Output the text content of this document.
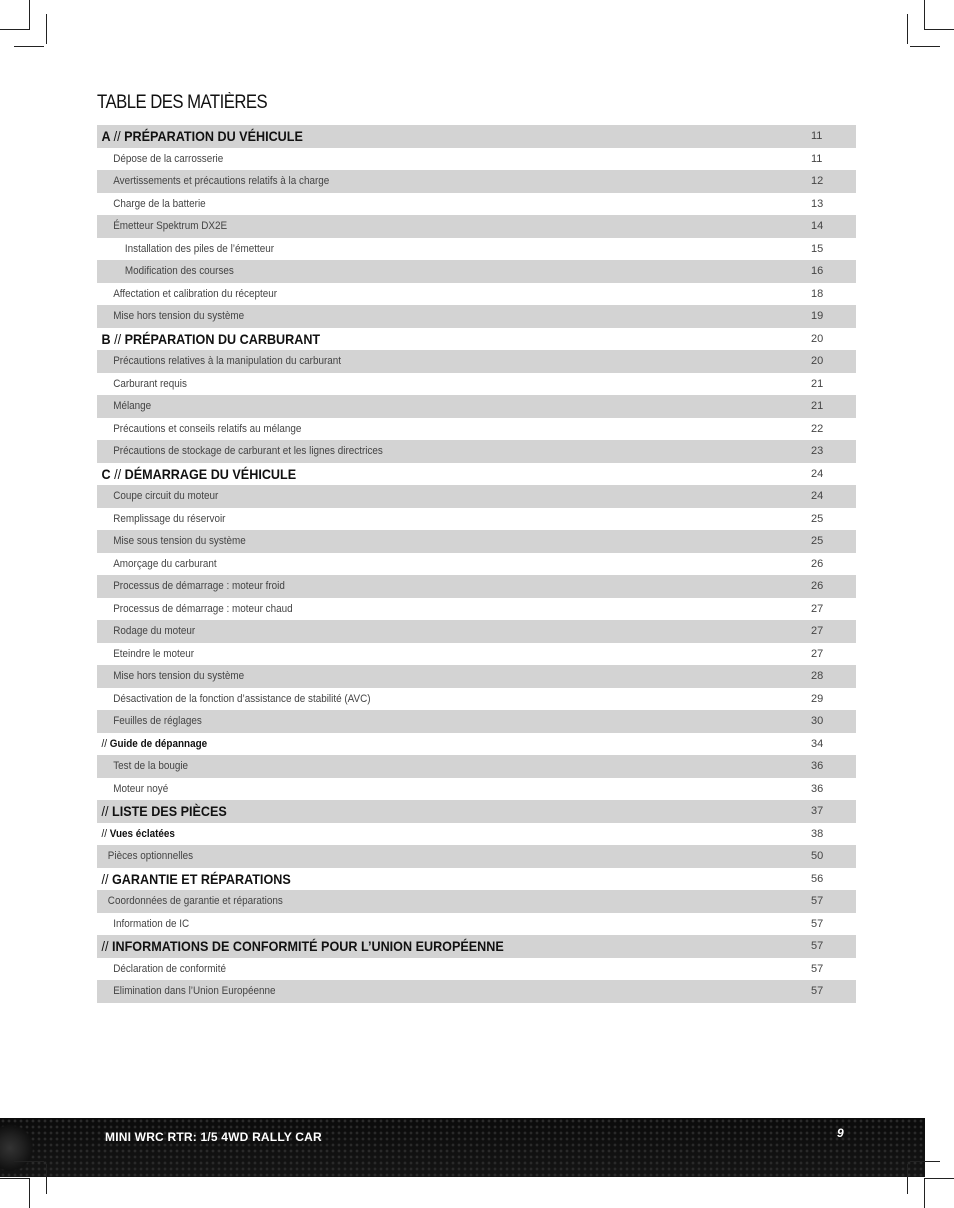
TABLE DES MATIÈRES
A // PRÉPARATION DU VÉHICULE	11
Dépose de la carrosserie	11
Avertissements et précautions relatifs à la charge	12
Charge de la batterie	13
Émetteur Spektrum DX2E	14
Installation des piles de l’émetteur	15
Modification des courses	16
Affectation et calibration du récepteur	18
Mise hors tension du système	19
B // PRÉPARATION DU CARBURANT	20
Précautions relatives à la manipulation du carburant	20
Carburant requis	21
Mélange	21
Précautions et conseils relatifs au mélange	22
Précautions de stockage de carburant et les lignes directrices	23
C // DÉMARRAGE DU VÉHICULE	24
Coupe circuit du moteur	24
Remplissage du réservoir	25
Mise sous tension du système	25
Amorçage du carburant	26
Processus de démarrage : moteur froid	26
Processus de démarrage : moteur chaud	27
Rodage du moteur	27
Eteindre le moteur	27
Mise hors tension du système	28
Désactivation de la fonction d’assistance de stabilité (AVC)	29
Feuilles de réglages	30
// Guide de dépannage	34
Test de la bougie	36
Moteur noyé	36
// LISTE DES PIÈCES	37
// Vues éclatées	38
Pièces optionnelles	50
// GARANTIE ET RÉPARATIONS	56
Coordonnées de garantie et réparations	57
Information de IC	57
// INFORMATIONS DE CONFORMITÉ POUR L’UNION EUROPÉENNE	57
Déclaration de conformité	57
Elimination dans l’Union Européenne	57
MINI WRC RTR: 1/5 4WD RALLY CAR	9
